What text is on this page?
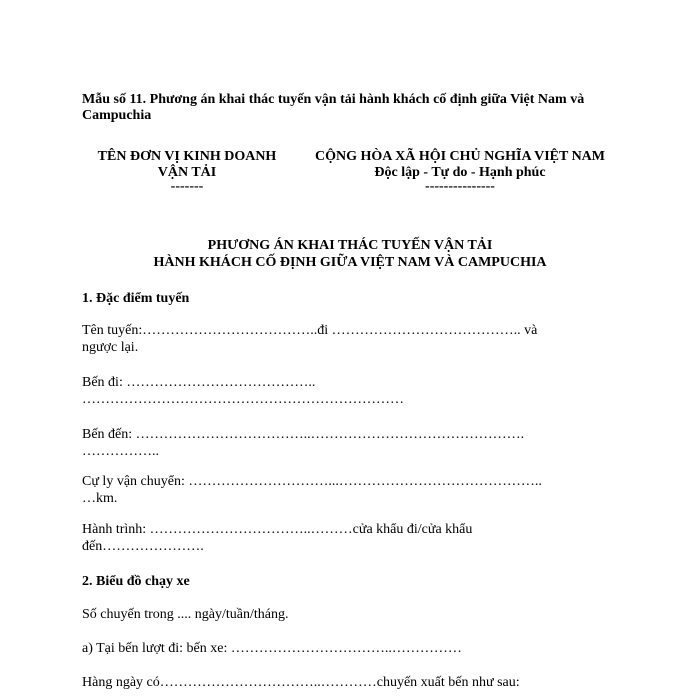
Mẫu số 11. Phương án khai thác tuyến vận tải hành khách cố định giữa Việt Nam và
Campuchia
TÊN ĐƠN VỊ KINH DOANH
VẬN TẢI
-------
CỘNG HÒA XÃ HỘI CHỦ NGHĨA VIỆT NAM
Độc lập - Tự do - Hạnh phúc
---------------
PHƯƠNG ÁN KHAI THÁC TUYẾN VẬN TẢI
HÀNH KHÁCH CỐ ĐỊNH GIỮA VIỆT NAM VÀ CAMPUCHIA
1. Đặc điểm tuyến
Tên tuyến:………………………………..đi ………………………………….. và
ngược lại.
Bến đi: …………………………………..
……………………………………………………………
Bến đến: ………………………………..……………………………………….
……………..
Cự ly vận chuyển: …………………………...……………………………………..
…km.
Hành trình: ……………………………..………cửa khẩu đi/cửa khẩu
đến………………….
2. Biểu đồ chạy xe
Số chuyến trong .... ngày/tuần/tháng.
a) Tại bến lượt đi: bến xe: ……………………………..……………
Hàng ngày có……………………………..…………chuyến xuất bến như sau:
